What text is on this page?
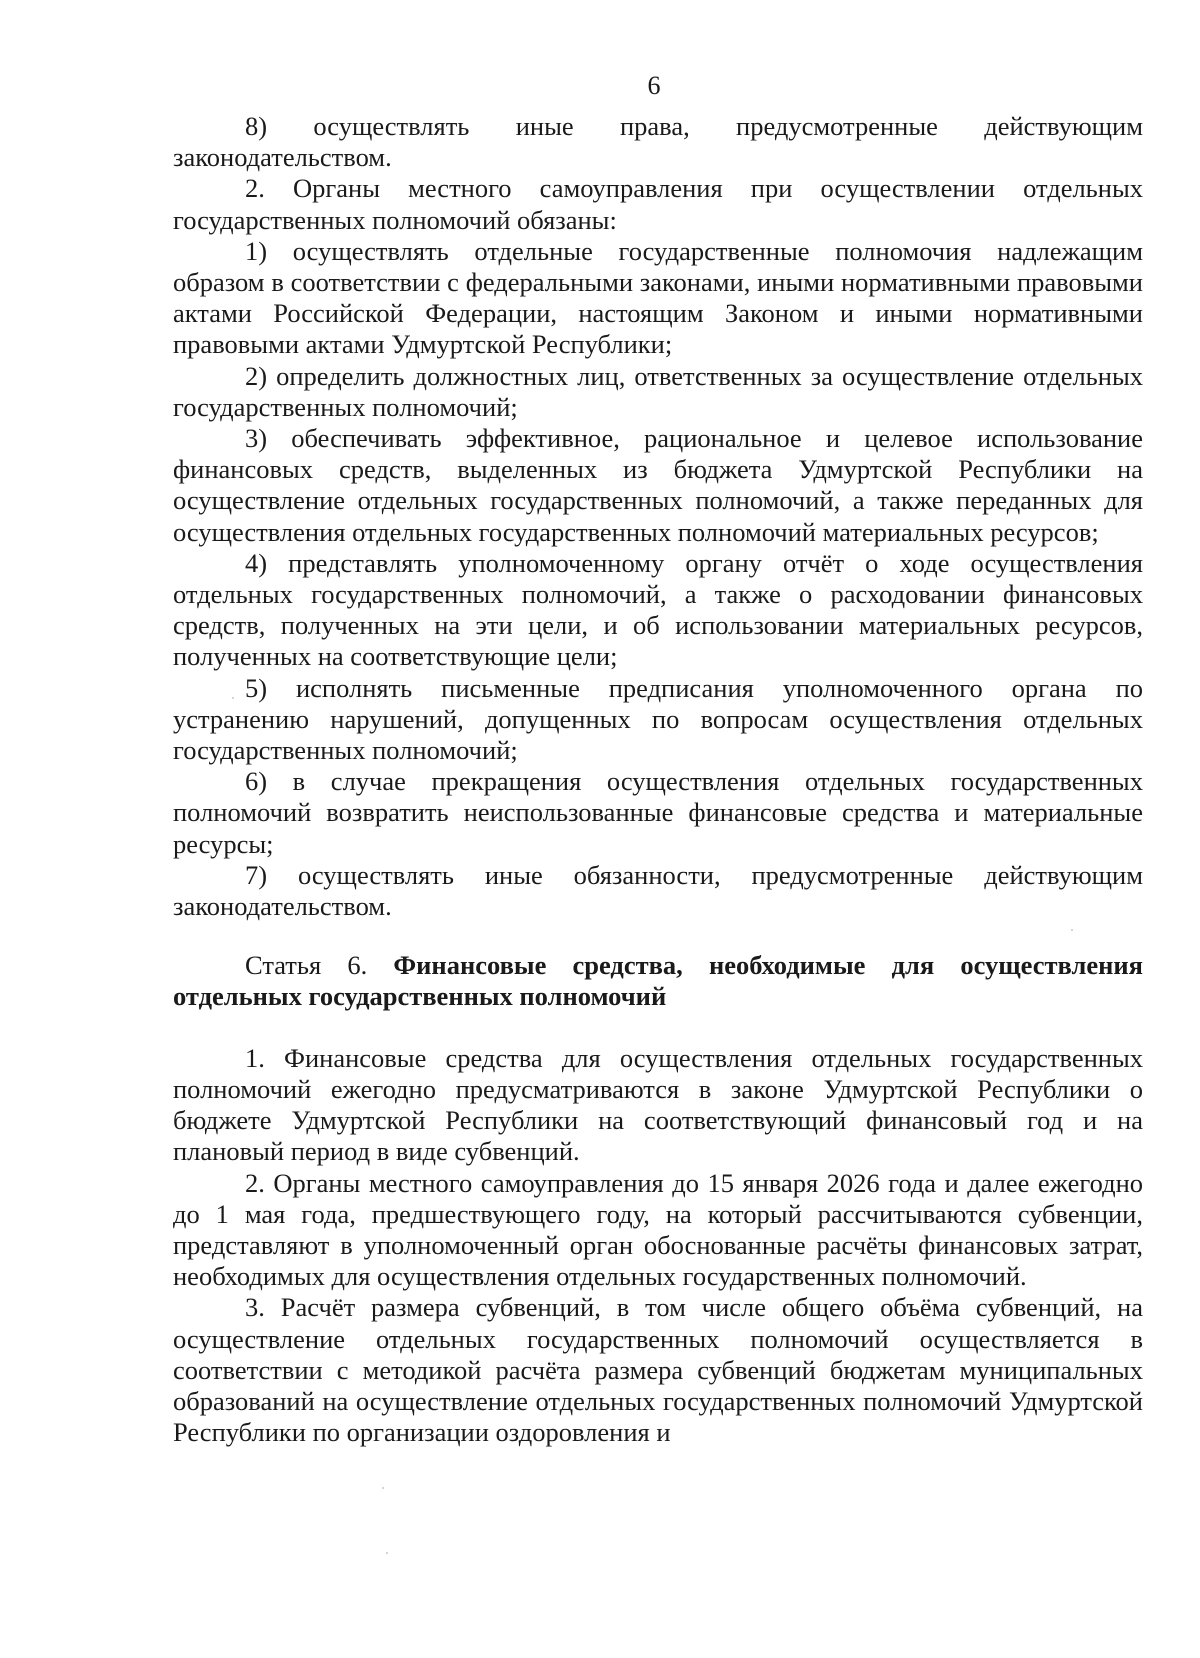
6

8) осуществлять иные права, предусмотренные действующим законодательством.

2. Органы местного самоуправления при осуществлении отдельных государственных полномочий обязаны:

1) осуществлять отдельные государственные полномочия надлежащим образом в соответствии с федеральными законами, иными нормативными правовыми актами Российской Федерации, настоящим Законом и иными нормативными правовыми актами Удмуртской Республики;

2) определить должностных лиц, ответственных за осуществление отдельных государственных полномочий;

3) обеспечивать эффективное, рациональное и целевое использование финансовых средств, выделенных из бюджета Удмуртской Республики на осуществление отдельных государственных полномочий, а также переданных для осуществления отдельных государственных полномочий материальных ресурсов;

4) представлять уполномоченному органу отчёт о ходе осуществления отдельных государственных полномочий, а также о расходовании финансовых средств, полученных на эти цели, и об использовании материальных ресурсов, полученных на соответствующие цели;

5) исполнять письменные предписания уполномоченного органа по устранению нарушений, допущенных по вопросам осуществления отдельных государственных полномочий;

6) в случае прекращения осуществления отдельных государственных полномочий возвратить неиспользованные финансовые средства и материальные ресурсы;

7) осуществлять иные обязанности, предусмотренные действующим законодательством.

Статья 6. Финансовые средства, необходимые для осуществления отдельных государственных полномочий

1. Финансовые средства для осуществления отдельных государственных полномочий ежегодно предусматриваются в законе Удмуртской Республики о бюджете Удмуртской Республики на соответствующий финансовый год и на плановый период в виде субвенций.

2. Органы местного самоуправления до 15 января 2026 года и далее ежегодно до 1 мая года, предшествующего году, на который рассчитываются субвенции, представляют в уполномоченный орган обоснованные расчёты финансовых затрат, необходимых для осуществления отдельных государственных полномочий.

3. Расчёт размера субвенций, в том числе общего объёма субвенций, на осуществление отдельных государственных полномочий осуществляется в соответствии с методикой расчёта размера субвенций бюджетам муниципальных образований на осуществление отдельных государственных полномочий Удмуртской Республики по организации оздоровления и
